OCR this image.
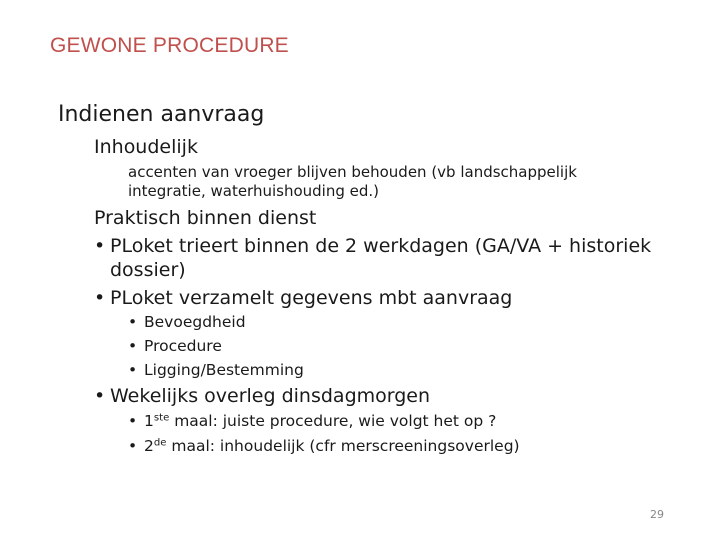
GEWONE PROCEDURE
Indienen aanvraag
Inhoudelijk
accenten van vroeger blijven behouden (vb landschappelijk
integratie, waterhuishouding ed.)
Praktisch binnen dienst
• PLoket trieert binnen de 2 werkdagen (GA/VA + historiek
dossier)
• PLoket verzamelt gegevens mbt aanvraag
• Bevoegdheid
• Procedure
• Ligging/Bestemming
• Wekelijks overleg dinsdagmorgen
• 1ste maal: juiste procedure, wie volgt het op ?
• 2de maal: inhoudelijk (cfr merscreeningsoverleg)
29
